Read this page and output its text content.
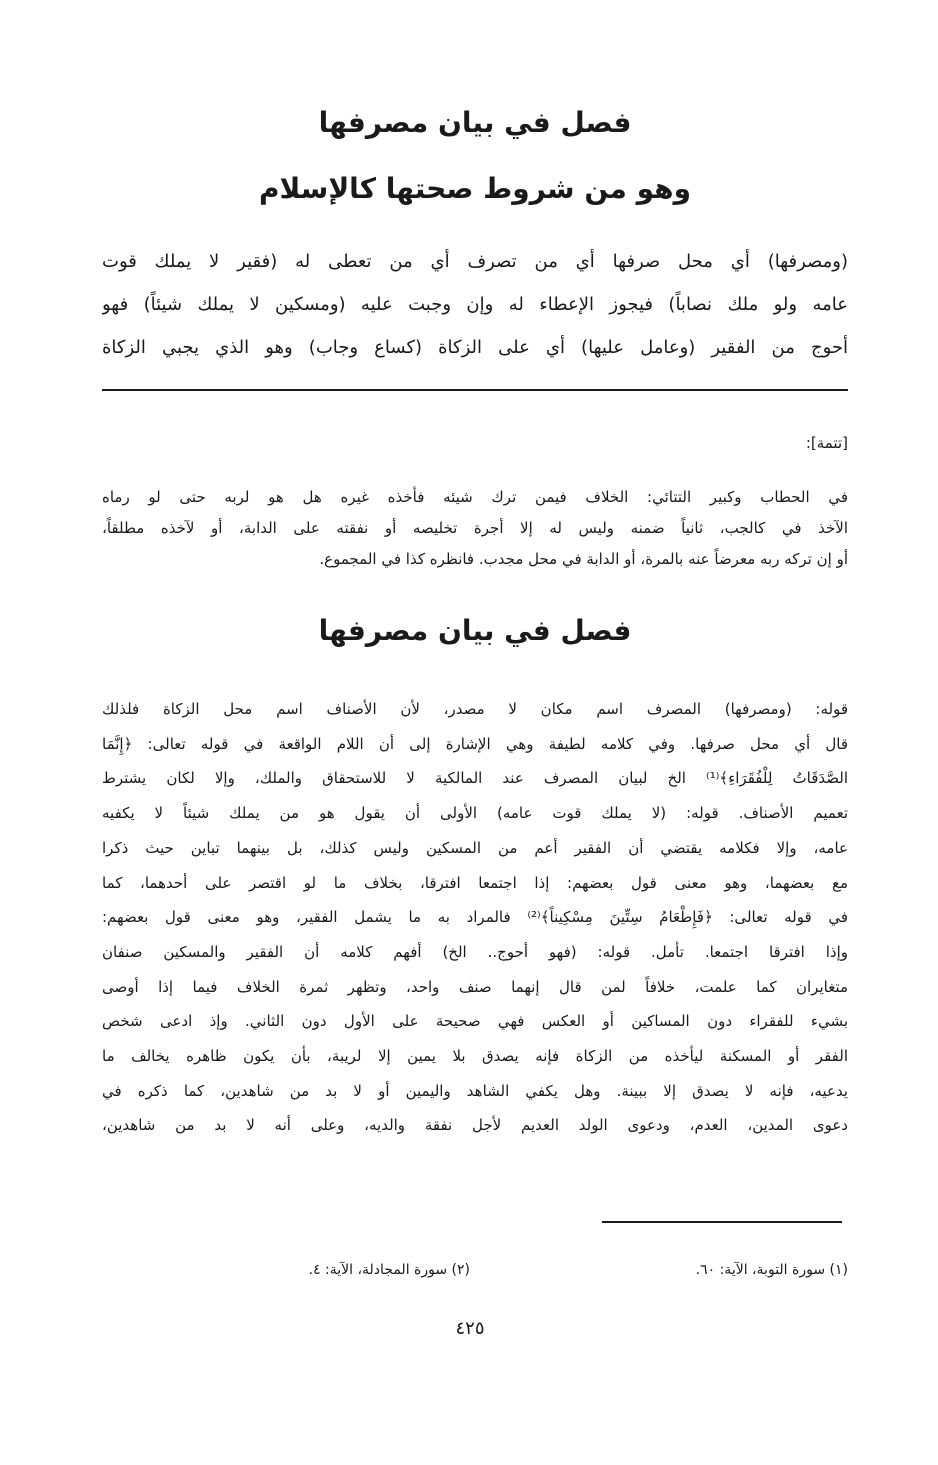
فصل في بيان مصرفها
وهو من شروط صحتها كالإسلام
(ومصرفها) أي محل صرفها أي من تصرف أي من تعطى له (فقير لا يملك قوت
عامه ولو ملك نصاباً) فيجوز الإعطاء له وإن وجبت عليه (ومسكين لا يملك شيئاً) فهو
أحوج من الفقير (وعامل عليها) أي على الزكاة (كساع وجاب) وهو الذي يجبي الزكاة
[تتمة]:
في الحطاب وكبير التتائي: الخلاف فيمن ترك شيئه فأخذه غيره هل هو لربه حتى لو رماه
الآخذ في كالجب، ثانياً ضمنه وليس له إلا أجرة تخليصه أو نفقته على الدابة، أو لآخذه مطلقاً،
أو إن تركه ربه معرضاً عنه بالمرة، أو الدابة في محل مجدب. فانظره كذا في المجموع.
فصل في بيان مصرفها
قوله: (ومصرفها) المصرف اسم مكان لا مصدر، لأن الأصناف اسم محل الزكاة فلذلك
قال أي محل صرفها. وفي كلامه لطيفة وهي الإشارة إلى أن اللام الواقعة في قوله تعالى: ﴿إِنَّمَا
الصَّدَقَاتُ لِلْفُقَرَاءِ﴾⁽¹⁾ الخ لبيان المصرف عند المالكية لا للاستحقاق والملك، وإلا لكان يشترط
تعميم الأصناف. قوله: (لا يملك قوت عامه) الأولى أن يقول هو من يملك شيئاً لا يكفيه
عامه، وإلا فكلامه يقتضي أن الفقير أعم من المسكين وليس كذلك، بل بينهما تباين حيث ذكرا
مع بعضهما، وهو معنى قول بعضهم: إذا اجتمعا افترقا، بخلاف ما لو اقتصر على أحدهما، كما
في قوله تعالى: ﴿فَإِطْعَامُ سِتِّينَ مِسْكِيناً﴾⁽²⁾ فالمراد به ما يشمل الفقير، وهو معنى قول بعضهم:
وإذا افترقا اجتمعا. تأمل. قوله: (فهو أحوج.. الخ) أفهم كلامه أن الفقير والمسكين صنفان
متغايران كما علمت، خلافاً لمن قال إنهما صنف واحد، وتظهر ثمرة الخلاف فيما إذا أوصى
بشيء للفقراء دون المساكين أو العكس فهي صحيحة على الأول دون الثاني. وإذ ادعى شخص
الفقر أو المسكنة ليأخذه من الزكاة فإنه يصدق بلا يمين إلا لريبة، بأن يكون ظاهره يخالف ما
يدعيه، فإنه لا يصدق إلا ببينة. وهل يكفي الشاهد واليمين أو لا بد من شاهدين، كما ذكره في
دعوى المدين، العدم، ودعوى الولد العديم لأجل نفقة والديه، وعلى أنه لا بد من شاهدين،
(١) سورة التوبة، الآية: ٦٠.
(٢) سورة المجادلة، الآية: ٤.
٤٢٥
